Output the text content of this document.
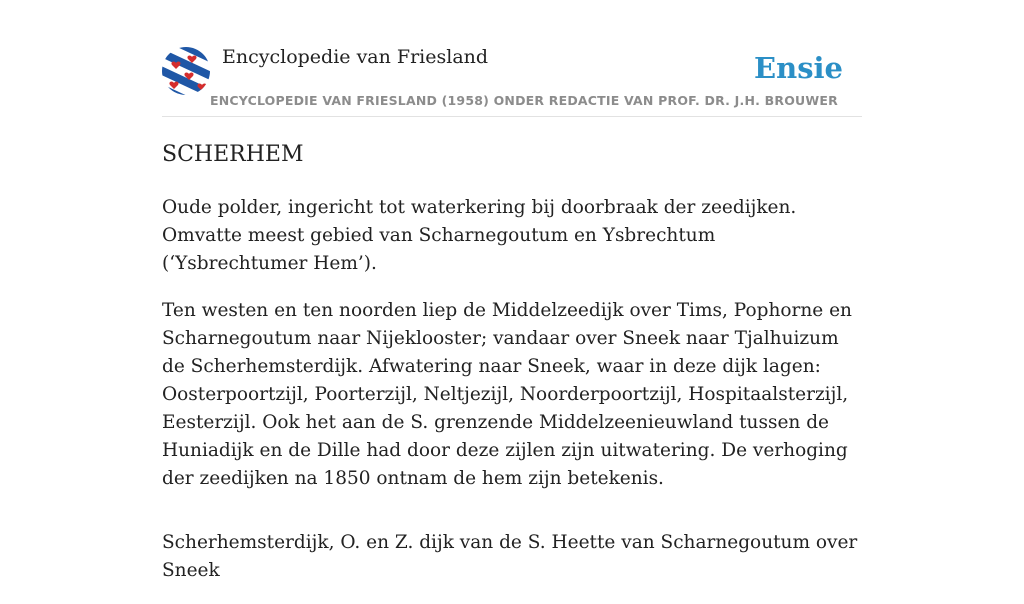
Encyclopedie van Friesland
ENCYCLOPEDIE VAN FRIESLAND (1958) ONDER REDACTIE VAN PROF. DR. J.H. BROUWER
Ensie
SCHERHEM

Oude polder, ingericht tot waterkering bij doorbraak der zeedijken. Omvatte meest gebied van Scharnegoutum en Ysbrechtum (‘Ysbrechtumer Hem’).

Ten westen en ten noorden liep de Middelzeedijk over Tims, Pophorne en Scharnegoutum naar Nijeklooster; vandaar over Sneek naar Tjalhuizum de Scherhemsterdijk. Afwatering naar Sneek, waar in deze dijk lagen: Oosterpoortzijl, Poorterzijl, Neltjezijl, Noorderpoortzijl, Hospitaalsterzijl, Eesterzijl. Ook het aan de S. grenzende Middelzeenieuwland tussen de Huniadijk en de Dille had door deze zijlen zijn uitwatering. De verhoging der zeedijken na 1850 ontnam de hem zijn betekenis.

Scherhemsterdijk, O. en Z. dijk van de S. Heette van Scharnegoutum over Sneek
